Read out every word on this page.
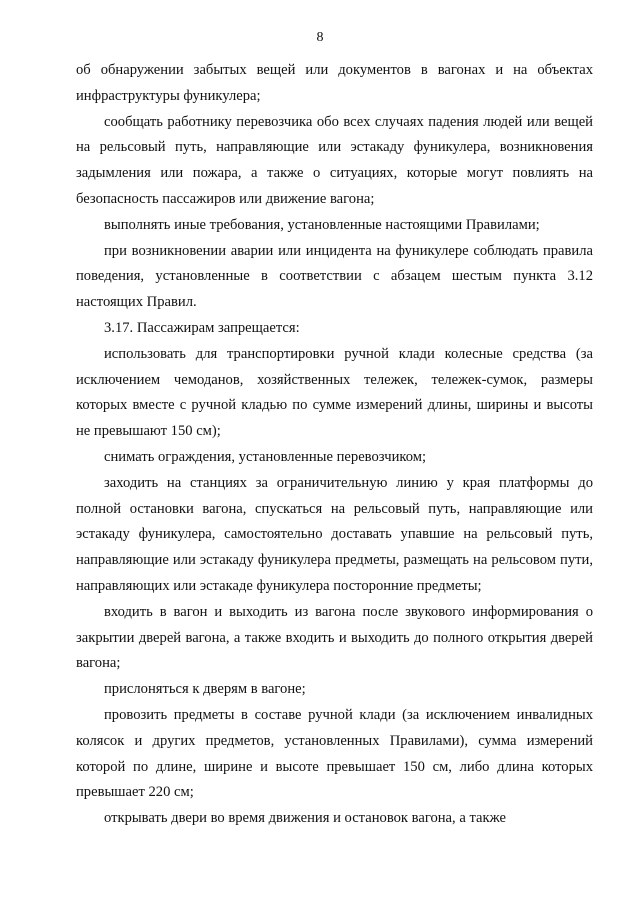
8

об обнаружении забытых вещей или документов в вагонах и на объектах инфраструктуры фуникулера;

сообщать работнику перевозчика обо всех случаях падения людей или вещей на рельсовый путь, направляющие или эстакаду фуникулера, возникновения задымления или пожара, а также о ситуациях, которые могут повлиять на безопасность пассажиров или движение вагона;

выполнять иные требования, установленные настоящими Правилами;

при возникновении аварии или инцидента на фуникулере соблюдать правила поведения, установленные в соответствии с абзацем шестым пункта 3.12 настоящих Правил.

3.17. Пассажирам запрещается:

использовать для транспортировки ручной клади колесные средства (за исключением чемоданов, хозяйственных тележек, тележек-сумок, размеры которых вместе с ручной кладью по сумме измерений длины, ширины и высоты не превышают 150 см);

снимать ограждения, установленные перевозчиком;

заходить на станциях за ограничительную линию у края платформы до полной остановки вагона, спускаться на рельсовый путь, направляющие или эстакаду фуникулера, самостоятельно доставать упавшие на рельсовый путь, направляющие или эстакаду фуникулера предметы, размещать на рельсовом пути, направляющих или эстакаде фуникулера посторонние предметы;

входить в вагон и выходить из вагона после звукового информирования о закрытии дверей вагона, а также входить и выходить до полного открытия дверей вагона;

прислоняться к дверям в вагоне;

провозить предметы в составе ручной клади (за исключением инвалидных колясок и других предметов, установленных Правилами), сумма измерений которой по длине, ширине и высоте превышает 150 см, либо длина которых превышает 220 см;

открывать двери во время движения и остановок вагона, а также
